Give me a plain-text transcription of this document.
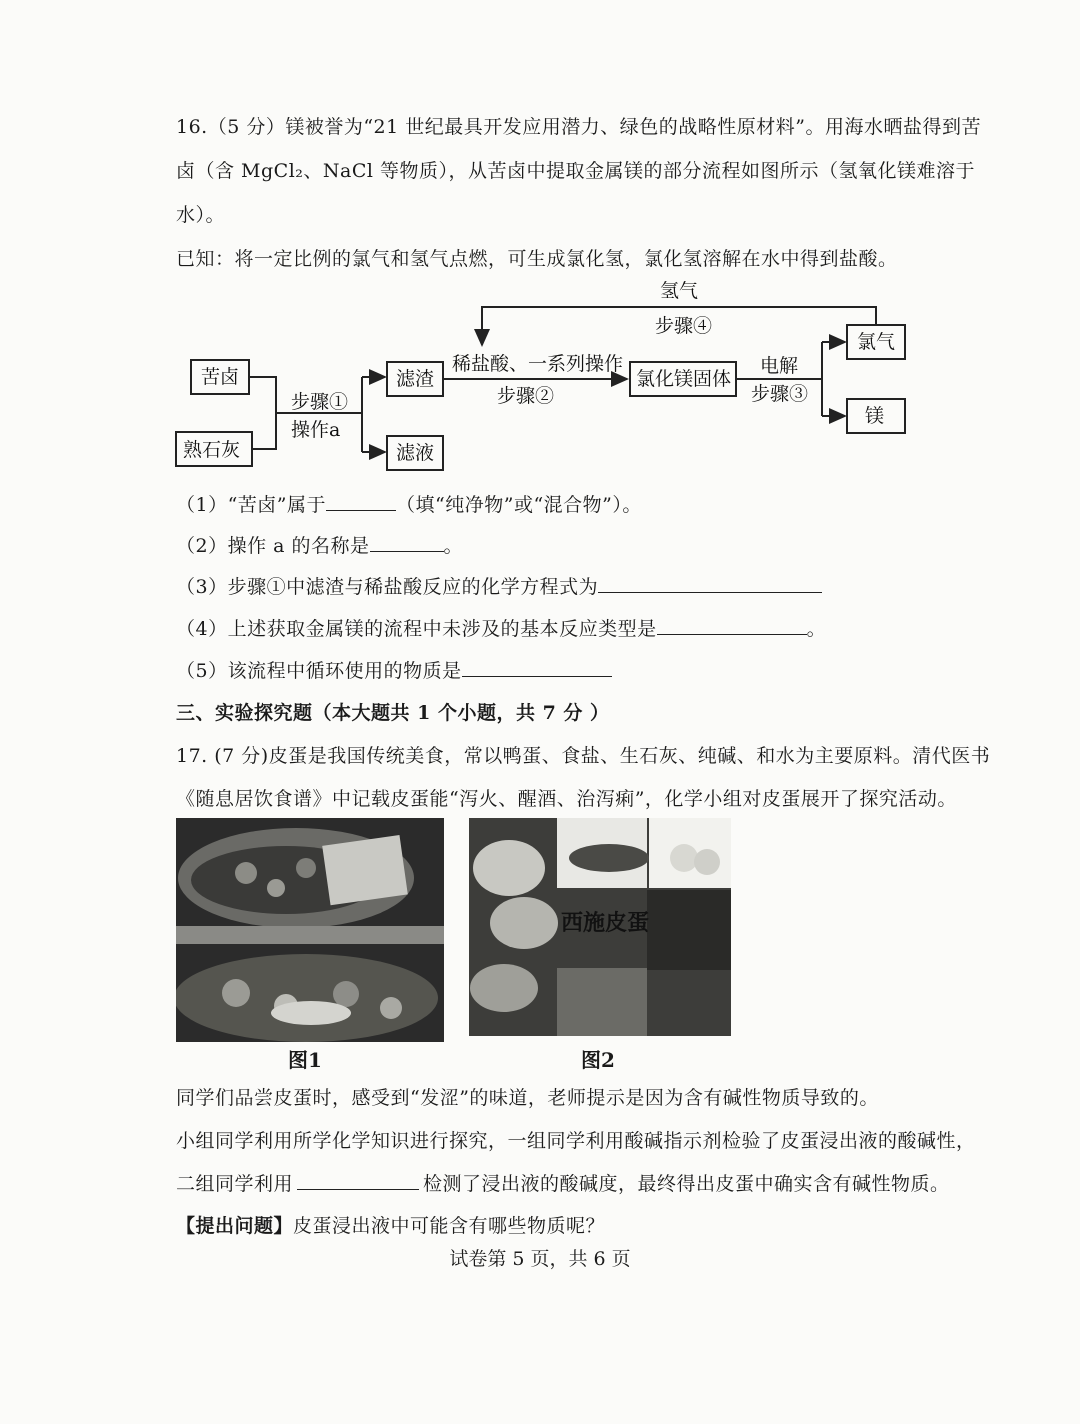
16.（5 分）镁被誉为“21 世纪最具开发应用潜力、绿色的战略性原材料”。用海水晒盐得到苦
卤（含 MgCl₂、NaCl 等物质），从苦卤中提取金属镁的部分流程如图所示（氢氧化镁难溶于
水）。
已知：将一定比例的氯气和氢气点燃，可生成氯化氢，氯化氢溶解在水中得到盐酸。
苦卤
熟石灰
步骤①
操作a
滤渣
滤液
稀盐酸、一系列操作
步骤②
氯化镁固体
电解
步骤③
氯气
镁
氢气
步骤④
（1）“苦卤”属于	（填“纯净物”或“混合物”）。
（2）操作 a 的名称是	。
（3）步骤①中滤渣与稀盐酸反应的化学方程式为
（4）上述获取金属镁的流程中未涉及的基本反应类型是	。
（5）该流程中循环使用的物质是
三、实验探究题（本大题共 1 个小题，共 7 分 ）
17. (7 分)皮蛋是我国传统美食，常以鸭蛋、食盐、生石灰、纯碱、和水为主要原料。清代医书
《随息居饮食谱》中记载皮蛋能“泻火、醒酒、治泻痢”，化学小组对皮蛋展开了探究活动。
图1
西施皮蛋
图2
同学们品尝皮蛋时，感受到“发涩”的味道，老师提示是因为含有碱性物质导致的。
小组同学利用所学化学知识进行探究，一组同学利用酸碱指示剂检验了皮蛋浸出液的酸碱性，
二组同学利用	检测了浸出液的酸碱度，最终得出皮蛋中确实含有碱性物质。
【提出问题】皮蛋浸出液中可能含有哪些物质呢？
试卷第 5 页，共 6 页
